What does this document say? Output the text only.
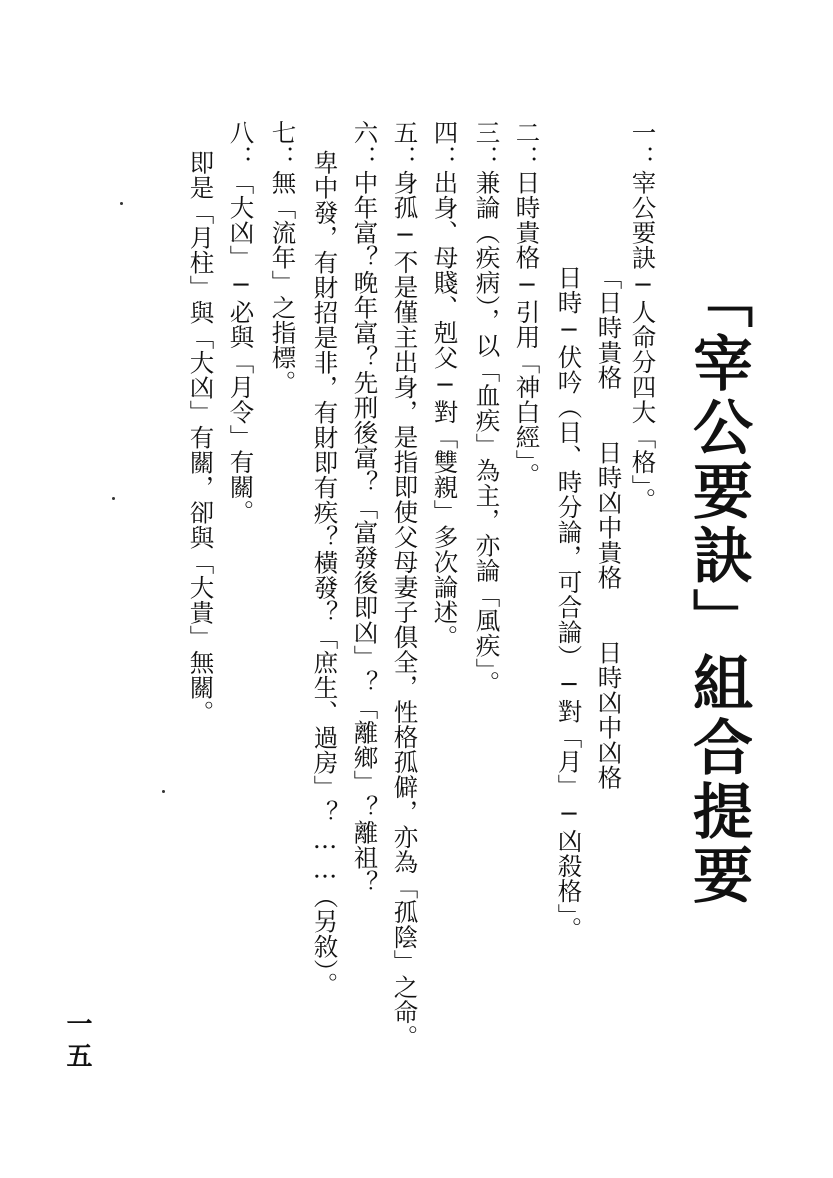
「宰公要訣」組合提要
一：宰公要訣─人命分四大「格」。
「日時貴格　　日時凶中貴格　　日時凶中凶格
日時─伏吟（日、時分論，可合論）─對「月」─凶殺格」。
二：日時貴格─引用「神白經」。
三：兼論（疾病），以「血疾」為主，亦論「風疾」。
四：出身、母賤、剋父─對「雙親」多次論述。
五：身孤─不是僅主出身，是指即使父母妻子俱全，性格孤僻，亦為「孤陰」之命。
六：中年富？晚年富？先刑後富？「富發後即凶」？「離鄉」？離祖？
卑中發，有財招是非，有財即有疾？橫發？「庶生、過房」？……（另敘）。
七：無「流年」之指標。
八：「大凶」─必與「月令」有關。
即是「月柱」與「大凶」有關，卻與「大貴」無關。
一五
